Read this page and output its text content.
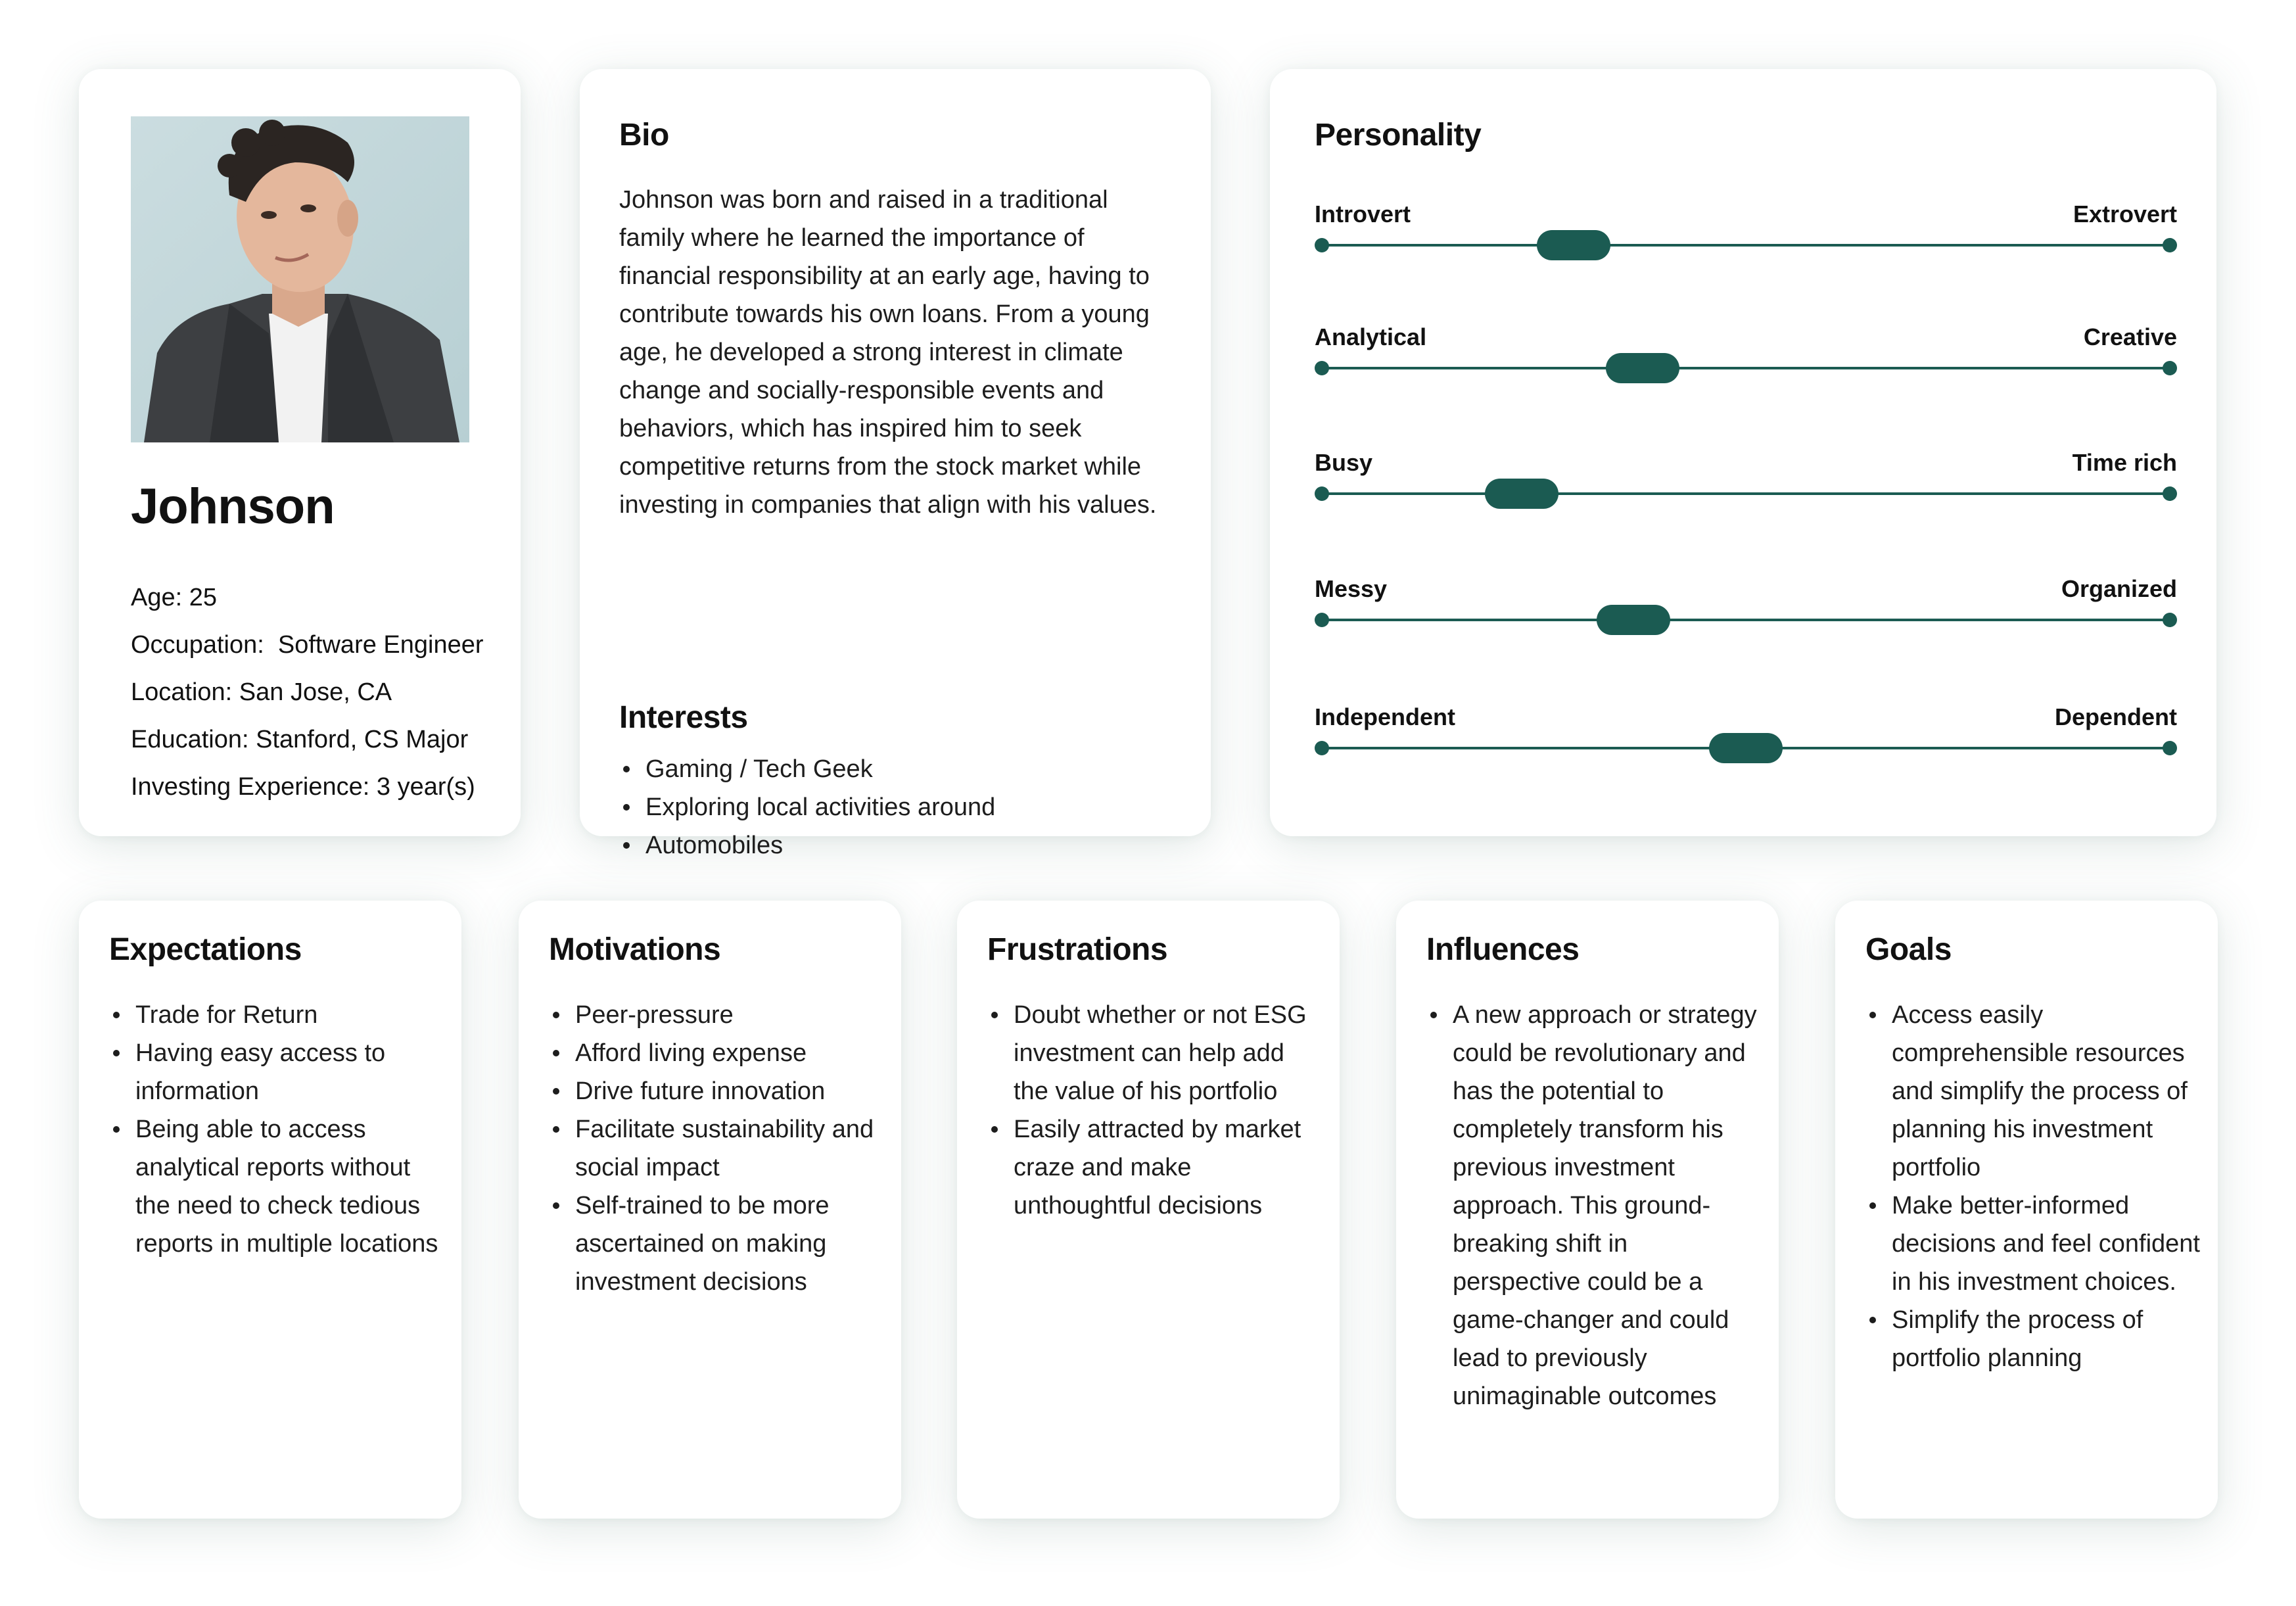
Johnson
Age: 25
Occupation:  Software Engineer
Location: San Jose, CA
Education: Stanford, CS Major
Investing Experience: 3 year(s)
Bio
Johnson was born and raised in a traditional
family where he learned the importance of
financial responsibility at an early age, having to
contribute towards his own loans. From a young
age, he developed a strong interest in climate
change and socially-responsible events and
behaviors, which has inspired him to seek
competitive returns from the stock market while
investing in companies that align with his values.
Interests
Gaming / Tech Geek
Exploring local activities around
Automobiles
Personality
Introvert	Extrovert
Analytical	Creative
Busy	Time rich
Messy	Organized
Independent	Dependent
Expectations
Trade for Return
Having easy access to information
Being able to access analytical reports without the need to check tedious reports in multiple locations
Motivations
Peer-pressure
Afford living expense
Drive future innovation
Facilitate sustainability and social impact
Self-trained to be more ascertained on making investment decisions
Frustrations
Doubt whether or not ESG investment can help add the value of his portfolio
Easily attracted by market craze and make unthoughtful decisions
Influences
A new approach or strategy could be revolutionary and has the potential to completely transform his previous investment approach. This ground-breaking shift in perspective could be a game-changer and could lead to previously unimaginable outcomes
Goals
Access easily comprehensible resources and simplify the process of planning his investment portfolio
Make better-informed decisions and feel confident in his investment choices.
Simplify the process of portfolio planning
